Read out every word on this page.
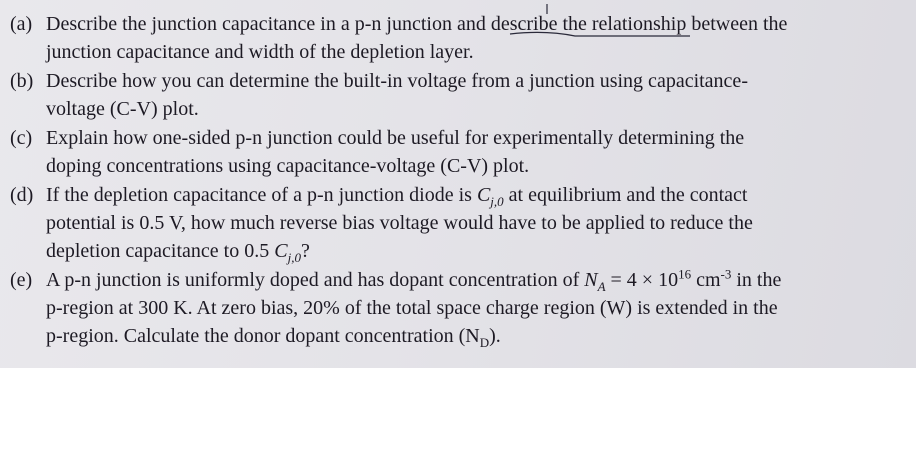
(a) Describe the junction capacitance in a p-n junction and describe the relationship between the
junction capacitance and width of the depletion layer.
(b) Describe how you can determine the built-in voltage from a junction using capacitance-
voltage (C-V) plot.
(c) Explain how one-sided p-n junction could be useful for experimentally determining the
doping concentrations using capacitance-voltage (C-V) plot.
(d) If the depletion capacitance of a p-n junction diode is $C_{j,0}$ at equilibrium and the contact
potential is 0.5 V, how much reverse bias voltage would have to be applied to reduce the
depletion capacitance to 0.5 $C_{j,0}$?
(e) A p-n junction is uniformly doped and has dopant concentration of $N_A = 4 \times 10^{16}$ $cm^{-3}$ in the
p-region at 300 K. At zero bias, 20% of the total space charge region (W) is extended in the
p-region. Calculate the donor dopant concentration $(N_D)$.
